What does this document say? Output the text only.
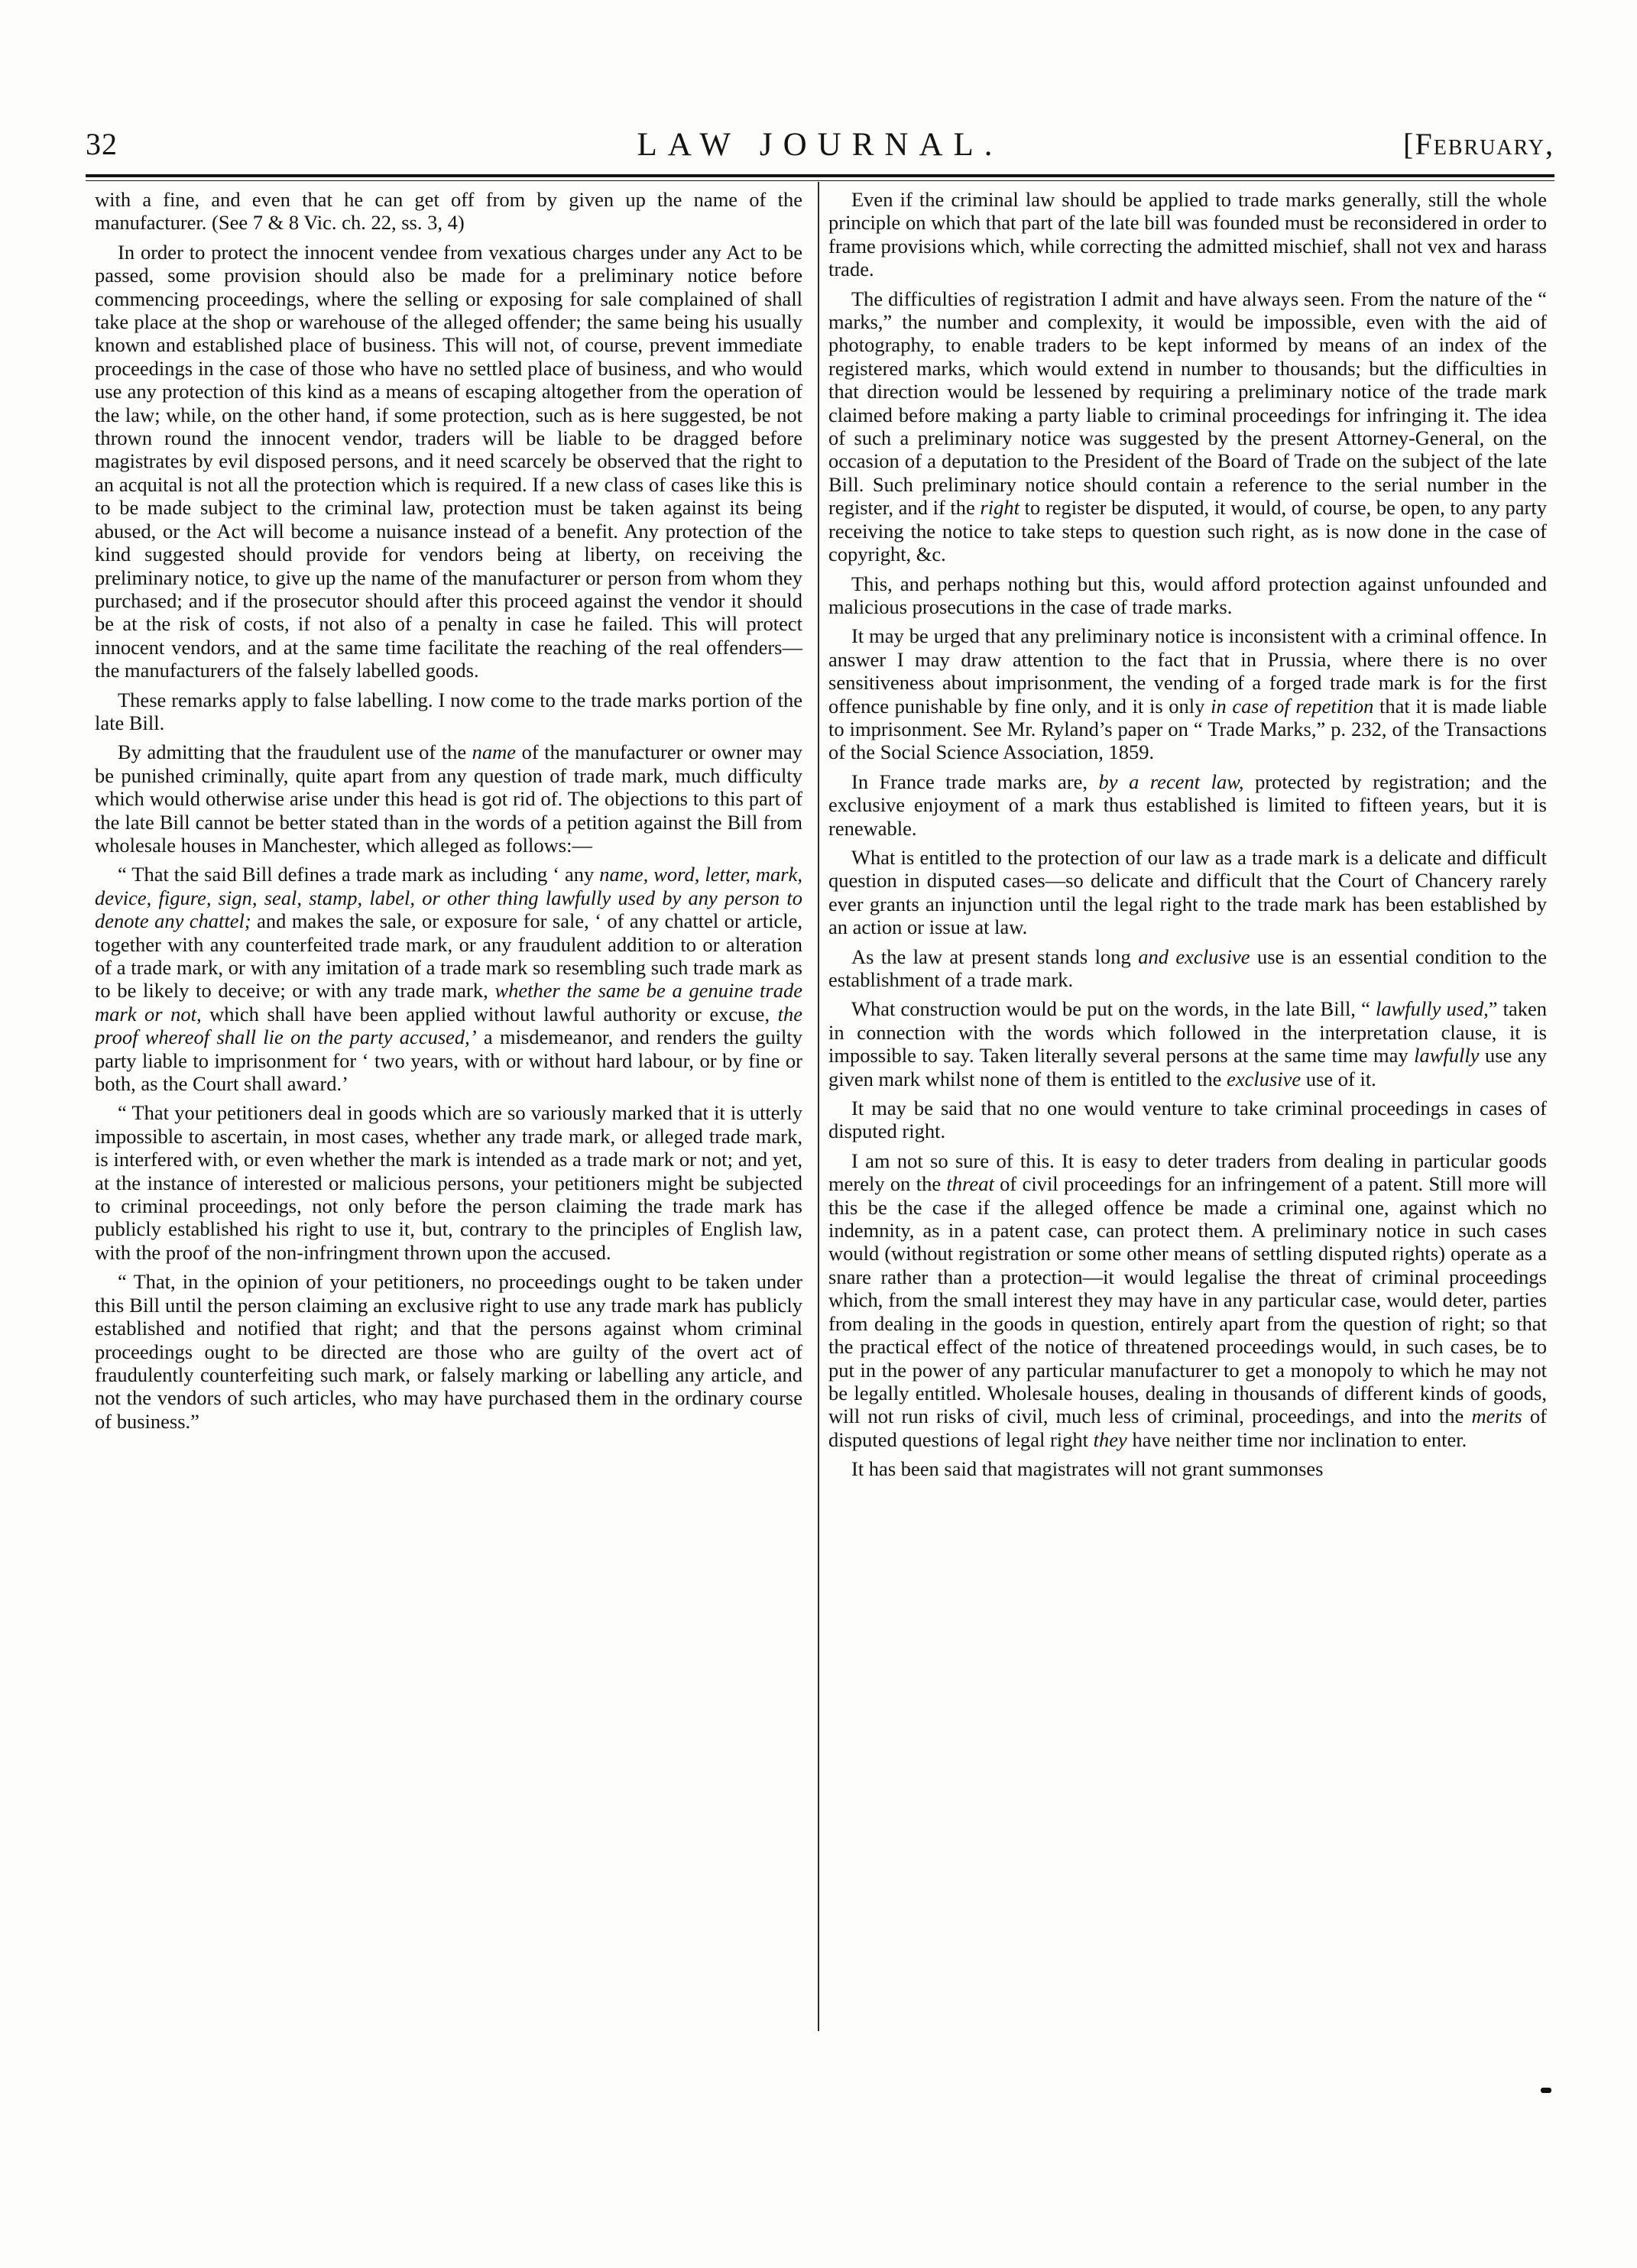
32	LAW JOURNAL.	[February,

with a fine, and even that he can get off from by given up the name of the manufacturer. (See 7 & 8 Vic. ch. 22, ss. 3, 4)

In order to protect the innocent vendee from vexatious charges under any Act to be passed, some provision should also be made for a preliminary notice before commencing proceedings, where the selling or exposing for sale complained of shall take place at the shop or warehouse of the alleged offender; the same being his usually known and established place of business. This will not, of course, prevent immediate proceedings in the case of those who have no settled place of business, and who would use any protection of this kind as a means of escaping altogether from the operation of the law; while, on the other hand, if some protection, such as is here suggested, be not thrown round the innocent vendor, traders will be liable to be dragged before magistrates by evil disposed persons, and it need scarcely be observed that the right to an acquital is not all the protection which is required. If a new class of cases like this is to be made subject to the criminal law, protection must be taken against its being abused, or the Act will become a nuisance instead of a benefit. Any protection of the kind suggested should provide for vendors being at liberty, on receiving the preliminary notice, to give up the name of the manufacturer or person from whom they purchased; and if the prosecutor should after this proceed against the vendor it should be at the risk of costs, if not also of a penalty in case he failed. This will protect innocent vendors, and at the same time facilitate the reaching of the real offenders—the manufacturers of the falsely labelled goods.

These remarks apply to false labelling. I now come to the trade marks portion of the late Bill.

By admitting that the fraudulent use of the name of the manufacturer or owner may be punished criminally, quite apart from any question of trade mark, much difficulty which would otherwise arise under this head is got rid of. The objections to this part of the late Bill cannot be better stated than in the words of a petition against the Bill from wholesale houses in Manchester, which alleged as follows:—

“ That the said Bill defines a trade mark as including ‘ any name, word, letter, mark, device, figure, sign, seal, stamp, label, or other thing lawfully used by any person to denote any chattel; and makes the sale, or exposure for sale, ‘ of any chattel or article, together with any counterfeited trade mark, or any fraudulent addition to or alteration of a trade mark, or with any imitation of a trade mark so resembling such trade mark as to be likely to deceive; or with any trade mark, whether the same be a genuine trade mark or not, which shall have been applied without lawful authority or excuse, the proof whereof shall lie on the party accused,’ a misdemeanor, and renders the guilty party liable to imprisonment for ‘ two years, with or without hard labour, or by fine or both, as the Court shall award.’

“ That your petitioners deal in goods which are so variously marked that it is utterly impossible to ascertain, in most cases, whether any trade mark, or alleged trade mark, is interfered with, or even whether the mark is intended as a trade mark or not; and yet, at the instance of interested or malicious persons, your petitioners might be subjected to criminal proceedings, not only before the person claiming the trade mark has publicly established his right to use it, but, contrary to the principles of English law, with the proof of the non-infringment thrown upon the accused.

“ That, in the opinion of your petitioners, no proceedings ought to be taken under this Bill until the person claiming an exclusive right to use any trade mark has publicly established and notified that right; and that the persons against whom criminal proceedings ought to be directed are those who are guilty of the overt act of fraudulently counterfeiting such mark, or falsely marking or labelling any article, and not the vendors of such articles, who may have purchased them in the ordinary course of business.”

Even if the criminal law should be applied to trade marks generally, still the whole principle on which that part of the late bill was founded must be reconsidered in order to frame provisions which, while correcting the admitted mischief, shall not vex and harass trade.

The difficulties of registration I admit and have always seen. From the nature of the “ marks,” the number and complexity, it would be impossible, even with the aid of photography, to enable traders to be kept informed by means of an index of the registered marks, which would extend in number to thousands; but the difficulties in that direction would be lessened by requiring a preliminary notice of the trade mark claimed before making a party liable to criminal proceedings for infringing it. The idea of such a preliminary notice was suggested by the present Attorney-General, on the occasion of a deputation to the President of the Board of Trade on the subject of the late Bill. Such preliminary notice should contain a reference to the serial number in the register, and if the right to register be disputed, it would, of course, be open, to any party receiving the notice to take steps to question such right, as is now done in the case of copyright, &c.

This, and perhaps nothing but this, would afford protection against unfounded and malicious prosecutions in the case of trade marks.

It may be urged that any preliminary notice is inconsistent with a criminal offence. In answer I may draw attention to the fact that in Prussia, where there is no over sensitiveness about imprisonment, the vending of a forged trade mark is for the first offence punishable by fine only, and it is only in case of repetition that it is made liable to imprisonment. See Mr. Ryland’s paper on “ Trade Marks,” p. 232, of the Transactions of the Social Science Association, 1859.

In France trade marks are, by a recent law, protected by registration; and the exclusive enjoyment of a mark thus established is limited to fifteen years, but it is renewable.

What is entitled to the protection of our law as a trade mark is a delicate and difficult question in disputed cases—so delicate and difficult that the Court of Chancery rarely ever grants an injunction until the legal right to the trade mark has been established by an action or issue at law.

As the law at present stands long and exclusive use is an essential condition to the establishment of a trade mark.

What construction would be put on the words, in the late Bill, “ lawfully used,” taken in connection with the words which followed in the interpretation clause, it is impossible to say. Taken literally several persons at the same time may lawfully use any given mark whilst none of them is entitled to the exclusive use of it.

It may be said that no one would venture to take criminal proceedings in cases of disputed right.

I am not so sure of this. It is easy to deter traders from dealing in particular goods merely on the threat of civil proceedings for an infringement of a patent. Still more will this be the case if the alleged offence be made a criminal one, against which no indemnity, as in a patent case, can protect them. A preliminary notice in such cases would (without registration or some other means of settling disputed rights) operate as a snare rather than a protection—it would legalise the threat of criminal proceedings which, from the small interest they may have in any particular case, would deter, parties from dealing in the goods in question, entirely apart from the question of right; so that the practical effect of the notice of threatened proceedings would, in such cases, be to put in the power of any particular manufacturer to get a monopoly to which he may not be legally entitled. Wholesale houses, dealing in thousands of different kinds of goods, will not run risks of civil, much less of criminal, proceedings, and into the merits of disputed questions of legal right they have neither time nor inclination to enter.

It has been said that magistrates will not grant summonses
